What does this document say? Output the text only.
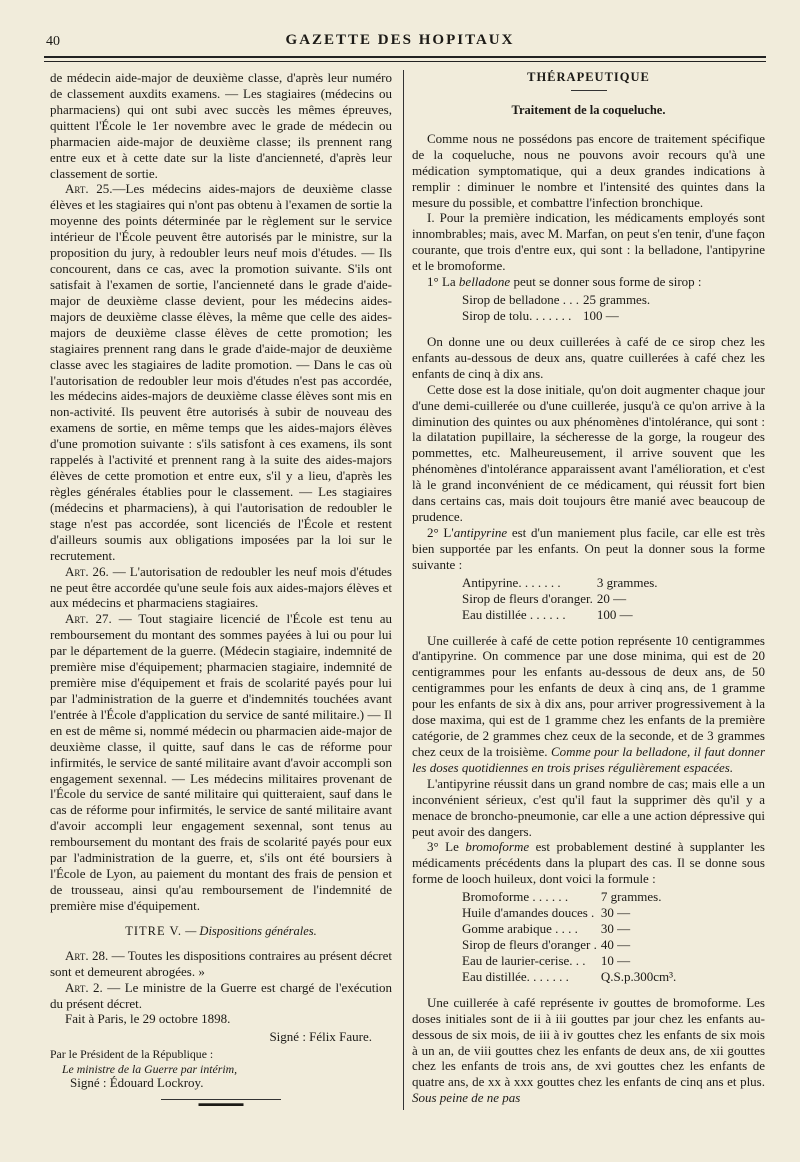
40	GAZETTE DES HOPITAUX

de médecin aide-major de deuxième classe, d'après leur numéro de classement auxdits examens. — Les stagiaires (médecins ou pharmaciens) qui ont subi avec succès les mêmes épreuves, quittent l'École le 1er novembre avec le grade de médecin ou pharmacien aide-major de deuxième classe; ils prennent rang entre eux et à cette date sur la liste d'ancienneté, d'après leur classement de sortie.

Art. 25.—Les médecins aides-majors de deuxième classe élèves et les stagiaires qui n'ont pas obtenu à l'examen de sortie la moyenne des points déterminée par le règlement sur le service intérieur de l'École peuvent être autorisés par le ministre, sur la proposition du jury, à redoubler leurs neuf mois d'études. — Ils concourent, dans ce cas, avec la promotion suivante. S'ils ont satisfait à l'examen de sortie, l'ancienneté dans le grade d'aide-major de deuxième classe devient, pour les médecins aides-majors de deuxième classe élèves, la même que celle des aides-majors de deuxième classe élèves de cette promotion; les stagiaires prennent rang dans le grade d'aide-major de deuxième classe avec les stagiaires de ladite promotion. — Dans le cas où l'autorisation de redoubler leur mois d'études n'est pas accordée, les médecins aides-majors de deuxième classe élèves sont mis en non-activité. Ils peuvent être autorisés à subir de nouveau des examens de sortie, en même temps que les aides-majors élèves d'une promotion suivante : s'ils satisfont à ces examens, ils sont rappelés à l'activité et prennent rang à la suite des aides-majors élèves de cette promotion et entre eux, s'il y a lieu, d'après les règles générales établies pour le classement. — Les stagiaires (médecins et pharmaciens), à qui l'autorisation de redoubler le stage n'est pas accordée, sont licenciés de l'École et restent d'ailleurs soumis aux obligations imposées par la loi sur le recrutement.

Art. 26. — L'autorisation de redoubler les neuf mois d'études ne peut être accordée qu'une seule fois aux aides-majors élèves et aux médecins et pharmaciens stagiaires.

Art. 27. — Tout stagiaire licencié de l'École est tenu au remboursement du montant des sommes payées à lui ou pour lui par le département de la guerre. (Médecin stagiaire, indemnité de première mise d'équipement; pharmacien stagiaire, indemnité de première mise d'équipement et frais de scolarité payés pour lui par l'administration de la guerre et d'indemnités touchées avant l'entrée à l'École d'application du service de santé militaire.) — Il en est de même si, nommé médecin ou pharmacien aide-major de deuxième classe, il quitte, sauf dans le cas de réforme pour infirmités, le service de santé militaire avant d'avoir accompli son engagement sexennal. — Les médecins militaires provenant de l'École du service de santé militaire qui quitteraient, sauf dans le cas de réforme pour infirmités, le service de santé militaire avant d'avoir accompli leur engagement sexennal, sont tenus au remboursement du montant des frais de scolarité payés pour eux par l'administration de la guerre, et, s'ils ont été boursiers à l'École de Lyon, au paiement du montant des frais de pension et de trousseau, ainsi qu'au remboursement de l'indemnité de première mise d'équipement.

TITRE V. — Dispositions générales.

Art. 28. — Toutes les dispositions contraires au présent décret sont et demeurent abrogées. »

Art. 2. — Le ministre de la Guerre est chargé de l'exécution du présent décret.

Fait à Paris, le 29 octobre 1898.

Signé : Félix Faure.

Par le Président de la République :

Le ministre de la Guerre par intérim,

Signé : Édouard Lockroy.

▬▬▬▬▬

THÉRAPEUTIQUE

Traitement de la coqueluche.

Comme nous ne possédons pas encore de traitement spécifique de la coqueluche, nous ne pouvons avoir recours qu'à une médication symptomatique, qui a deux grandes indications à remplir : diminuer le nombre et l'intensité des quintes dans la mesure du possible, et combattre l'infection bronchique.

I. Pour la première indication, les médicaments employés sont innombrables; mais, avec M. Marfan, on peut s'en tenir, d'une façon courante, que trois d'entre eux, qui sont : la belladone, l'antipyrine et le bromoforme.

1° La belladone peut se donner sous forme de sirop :

Sirop de belladone . . .	25 grammes.
Sirop de tolu. . . . . . .	100 —

On donne une ou deux cuillerées à café de ce sirop chez les enfants au-dessous de deux ans, quatre cuillerées à café chez les enfants de cinq à dix ans.

Cette dose est la dose initiale, qu'on doit augmenter chaque jour d'une demi-cuillerée ou d'une cuillerée, jusqu'à ce qu'on arrive à la diminution des quintes ou aux phénomènes d'intolérance, qui sont : la dilatation pupillaire, la sécheresse de la gorge, la rougeur des pommettes, etc. Malheureusement, il arrive souvent que les phénomènes d'intolérance apparaissent avant l'amélioration, et c'est là le grand inconvénient de ce médicament, qui réussit fort bien dans certains cas, mais doit toujours être manié avec beaucoup de prudence.

2° L'antipyrine est d'un maniement plus facile, car elle est très bien supportée par les enfants. On peut la donner sous la forme suivante :

Antipyrine. . . . . . .	3 grammes.
Sirop de fleurs d'oranger.	20 —
Eau distillée . . . . . .	100 —

Une cuillerée à café de cette potion représente 10 centigrammes d'antipyrine. On commence par une dose minima, qui est de 20 centigrammes pour les enfants au-dessous de deux ans, de 50 centigrammes pour les enfants de deux à cinq ans, de 1 gramme pour les enfants de six à dix ans, pour arriver progressivement à la dose maxima, qui est de 1 gramme chez les enfants de la première catégorie, de 2 grammes chez ceux de la seconde, et de 3 grammes chez ceux de la troisième. Comme pour la belladone, il faut donner les doses quotidiennes en trois prises régulièrement espacées.

L'antipyrine réussit dans un grand nombre de cas; mais elle a un inconvénient sérieux, c'est qu'il faut la supprimer dès qu'il y a menace de broncho-pneumonie, car elle a une action dépressive qui peut avoir des dangers.

3° Le bromoforme est probablement destiné à supplanter les médicaments précédents dans la plupart des cas. Il se donne sous forme de looch huileux, dont voici la formule :

Bromoforme . . . . . .	7 grammes.
Huile d'amandes douces .	30 —
Gomme arabique . . . .	30 —
Sirop de fleurs d'oranger .	40 —
Eau de laurier-cerise. . .	10 —
Eau distillée. . . . . . .	Q.S.p.300cm³.

Une cuillerée à café représente iv gouttes de bromoforme. Les doses initiales sont de ii à iii gouttes par jour chez les enfants au-dessous de six mois, de iii à iv gouttes chez les enfants de six mois à un an, de viii gouttes chez les enfants de deux ans, de xii gouttes chez les enfants de trois ans, de xvi gouttes chez les enfants de quatre ans, de xx à xxx gouttes chez les enfants de cinq ans et plus. Sous peine de ne pas
